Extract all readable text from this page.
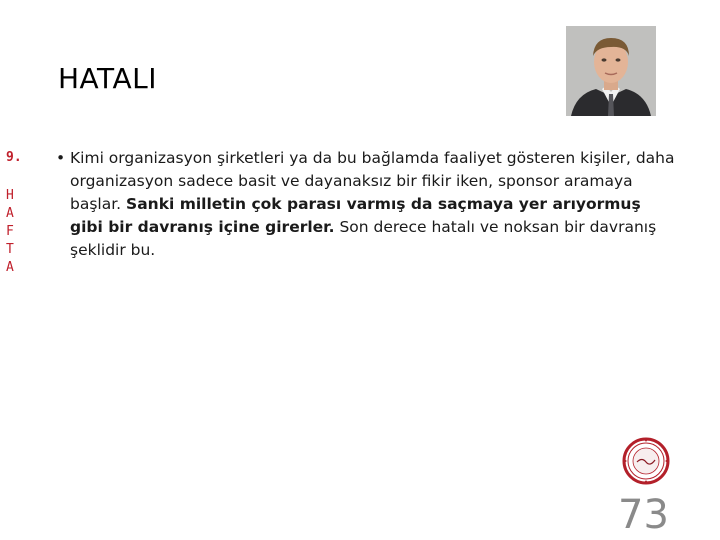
HATALI
9.
H
A
F
T
A
• Kimi organizasyon şirketleri ya da bu bağlamda faaliyet gösteren kişiler, daha organizasyon sadece basit ve dayanaksız bir fikir iken, sponsor aramaya başlar. Sanki milletin çok parası varmış da saçmaya yer arıyormuş gibi bir davranış içine girerler. Son derece hatalı ve noksan bir davranış şeklidir bu.
73
